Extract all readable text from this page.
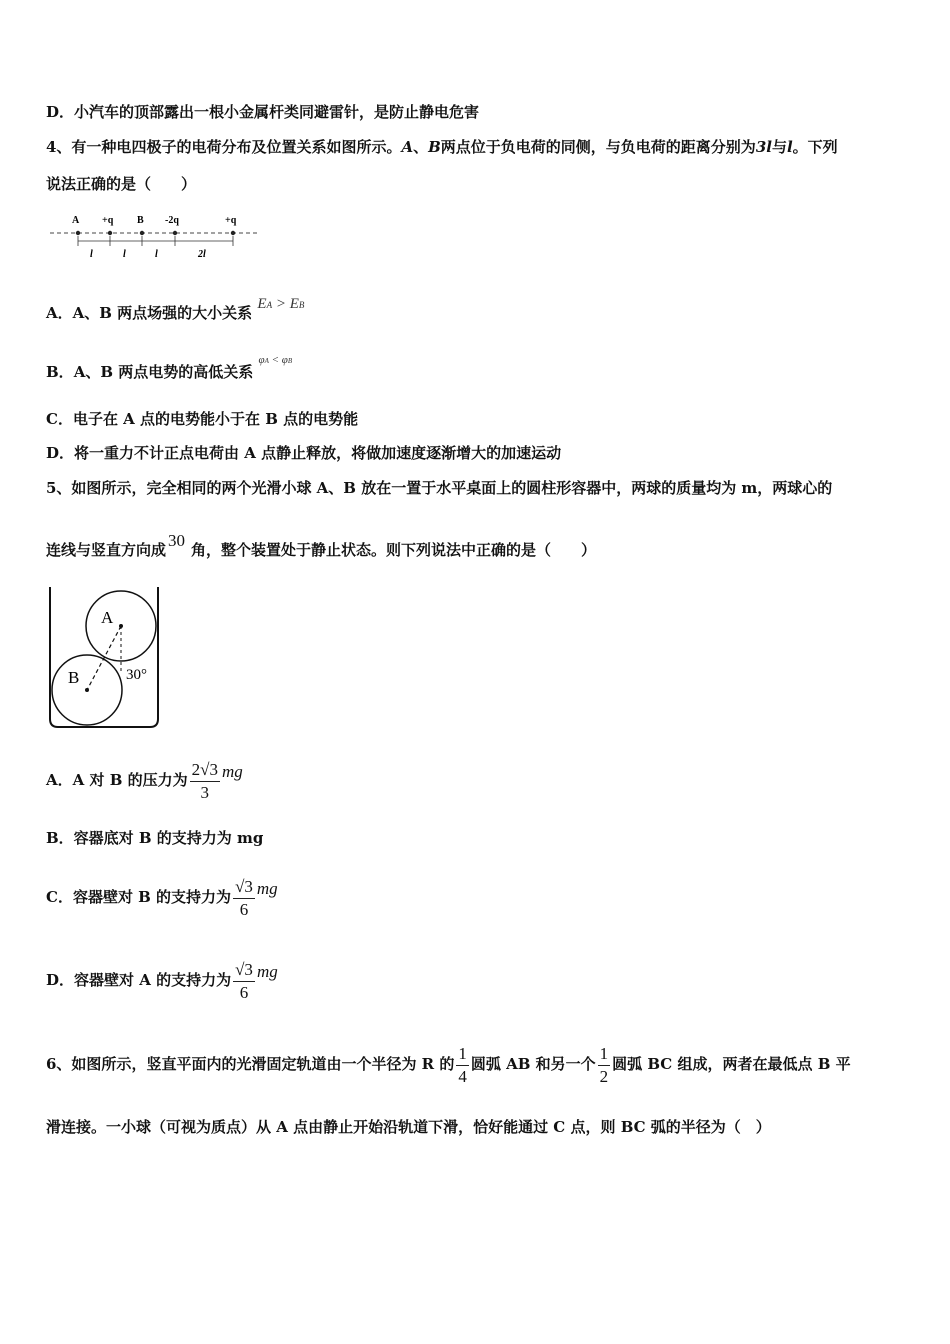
D．小汽车的顶部露出一根小金属杆类同避雷针，是防止静电危害
4、有一种电四极子的电荷分布及位置关系如图所示。A、B两点位于负电荷的同侧，与负电荷的距离分别为3l与l。下列
说法正确的是（　　）
A +q B -2q	+q
l	l	l	2l
A．A、B 两点场强的大小关系 EA > EB
B．A、B 两点电势的高低关系 $^{\varphi A < \varphi B}$
C．电子在 A 点的电势能小于在 B 点的电势能
D．将一重力不计正点电荷由 A 点静止释放，将做加速度逐渐增大的加速运动
5、如图所示，完全相同的两个光滑小球 A、B 放在一置于水平桌面上的圆柱形容器中，两球的质量均为 m，两球心的
连线与竖直方向成 30 角，整个装置处于静止状态。则下列说法中正确的是（　　）
A
B	30°
A．A 对 B 的压力为 $\frac{2√3}{3}$ mg
B．容器底对 B 的支持力为 mg
C．容器壁对 B 的支持力为 $\frac{√3}{6}$ mg
D．容器壁对 A 的支持力为 $\frac{√3}{6}$ mg
6、如图所示，竖直平面内的光滑固定轨道由一个半径为 R 的 $\frac{1}{4}$ 圆弧 AB 和另一个 $\frac{1}{2}$ 圆弧 BC 组成，两者在最低点 B 平
滑连接。一小球（可视为质点）从 A 点由静止开始沿轨道下滑，恰好能通过 C 点，则 BC 弧的半径为（　）
